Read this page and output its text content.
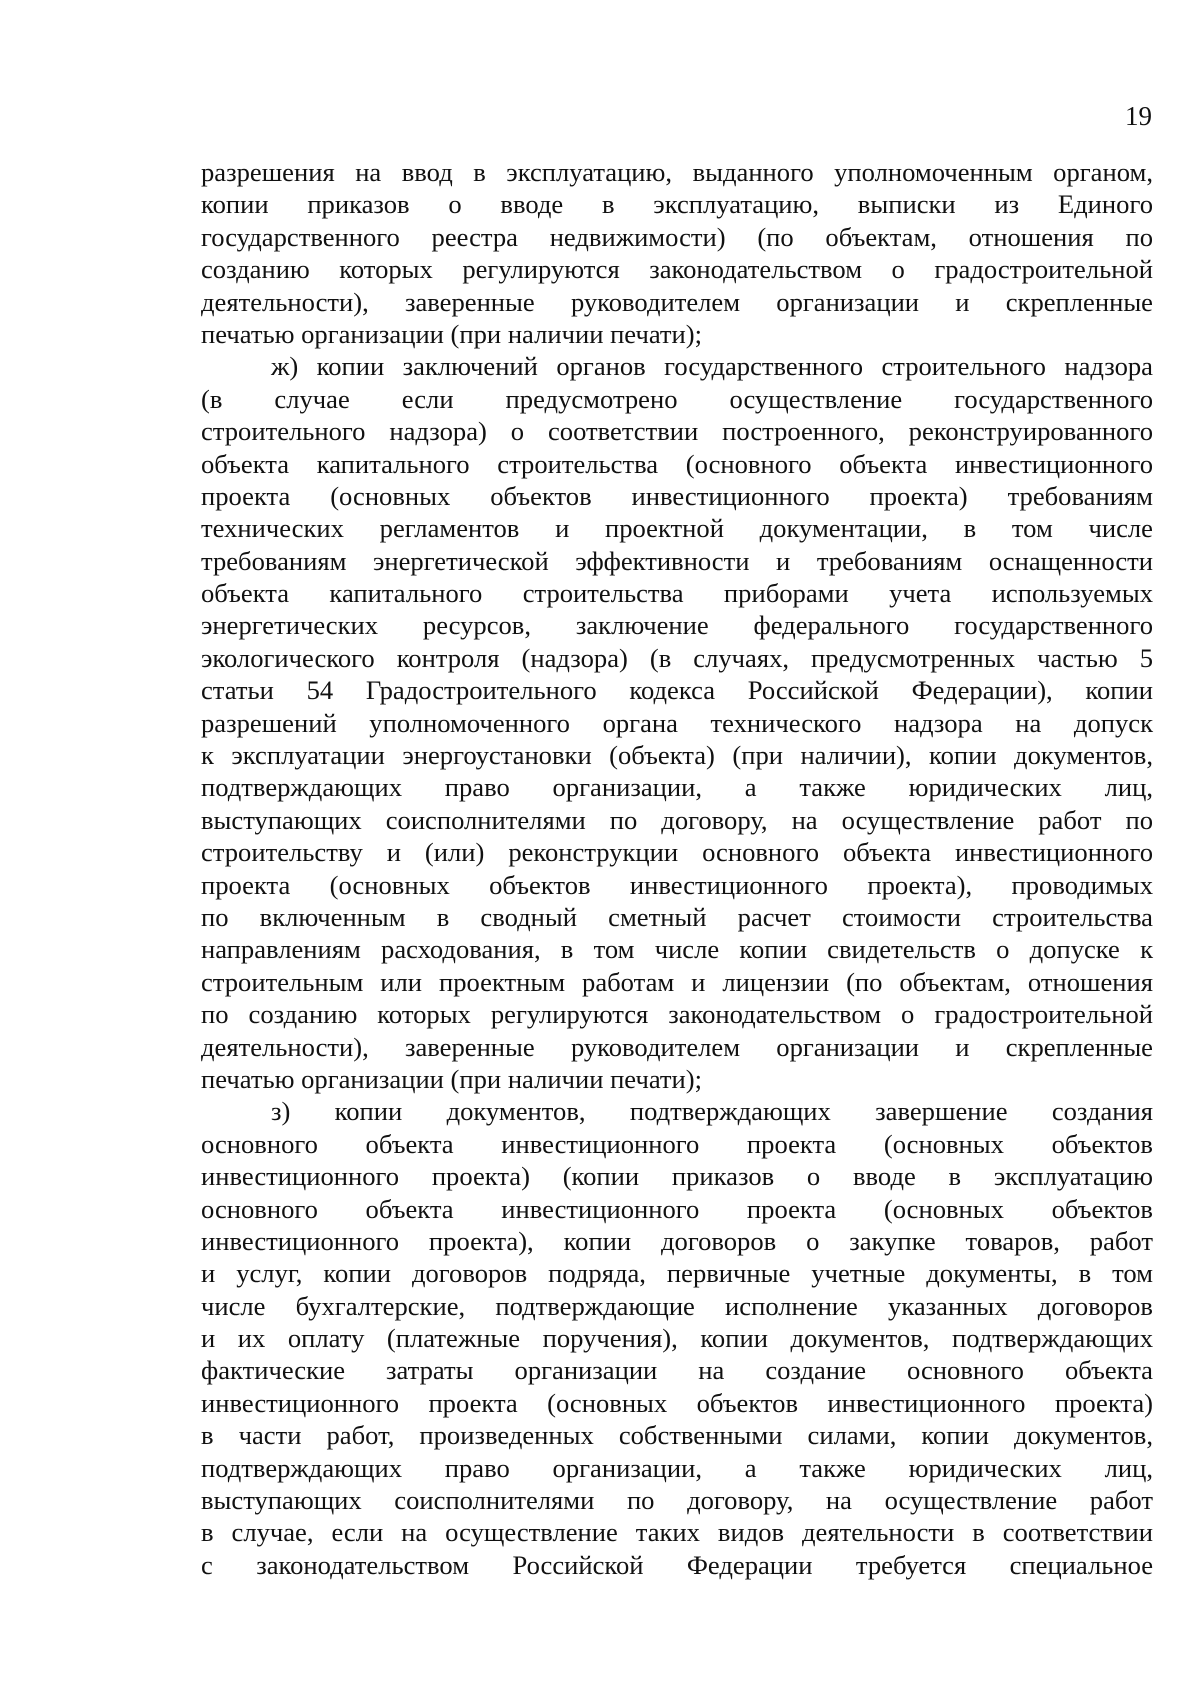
19
разрешения на ввод в эксплуатацию, выданного уполномоченным органом,
копии приказов о вводе в эксплуатацию, выписки из Единого
государственного реестра недвижимости) (по объектам, отношения по
созданию которых регулируются законодательством о градостроительной
деятельности), заверенные руководителем организации и скрепленные
печатью организации (при наличии печати);
ж) копии заключений органов государственного строительного надзора
(в случае если предусмотрено осуществление государственного
строительного надзора) о соответствии построенного, реконструированного
объекта капитального строительства (основного объекта инвестиционного
проекта (основных объектов инвестиционного проекта) требованиям
технических регламентов и проектной документации, в том числе
требованиям энергетической эффективности и требованиям оснащенности
объекта капитального строительства приборами учета используемых
энергетических ресурсов, заключение федерального государственного
экологического контроля (надзора) (в случаях, предусмотренных частью 5
статьи 54 Градостроительного кодекса Российской Федерации), копии
разрешений уполномоченного органа технического надзора на допуск
к эксплуатации энергоустановки (объекта) (при наличии), копии документов,
подтверждающих право организации, а также юридических лиц,
выступающих соисполнителями по договору, на осуществление работ по
строительству и (или) реконструкции основного объекта инвестиционного
проекта (основных объектов инвестиционного проекта), проводимых
по включенным в сводный сметный расчет стоимости строительства
направлениям расходования, в том числе копии свидетельств о допуске к
строительным или проектным работам и лицензии (по объектам, отношения
по созданию которых регулируются законодательством о градостроительной
деятельности), заверенные руководителем организации и скрепленные
печатью организации (при наличии печати);
з) копии документов, подтверждающих завершение создания
основного объекта инвестиционного проекта (основных объектов
инвестиционного проекта) (копии приказов о вводе в эксплуатацию
основного объекта инвестиционного проекта (основных объектов
инвестиционного проекта), копии договоров о закупке товаров, работ
и услуг, копии договоров подряда, первичные учетные документы, в том
числе бухгалтерские, подтверждающие исполнение указанных договоров
и их оплату (платежные поручения), копии документов, подтверждающих
фактические затраты организации на создание основного объекта
инвестиционного проекта (основных объектов инвестиционного проекта)
в части работ, произведенных собственными силами, копии документов,
подтверждающих право организации, а также юридических лиц,
выступающих соисполнителями по договору, на осуществление работ
в случае, если на осуществление таких видов деятельности в соответствии
с законодательством Российской Федерации требуется специальное
